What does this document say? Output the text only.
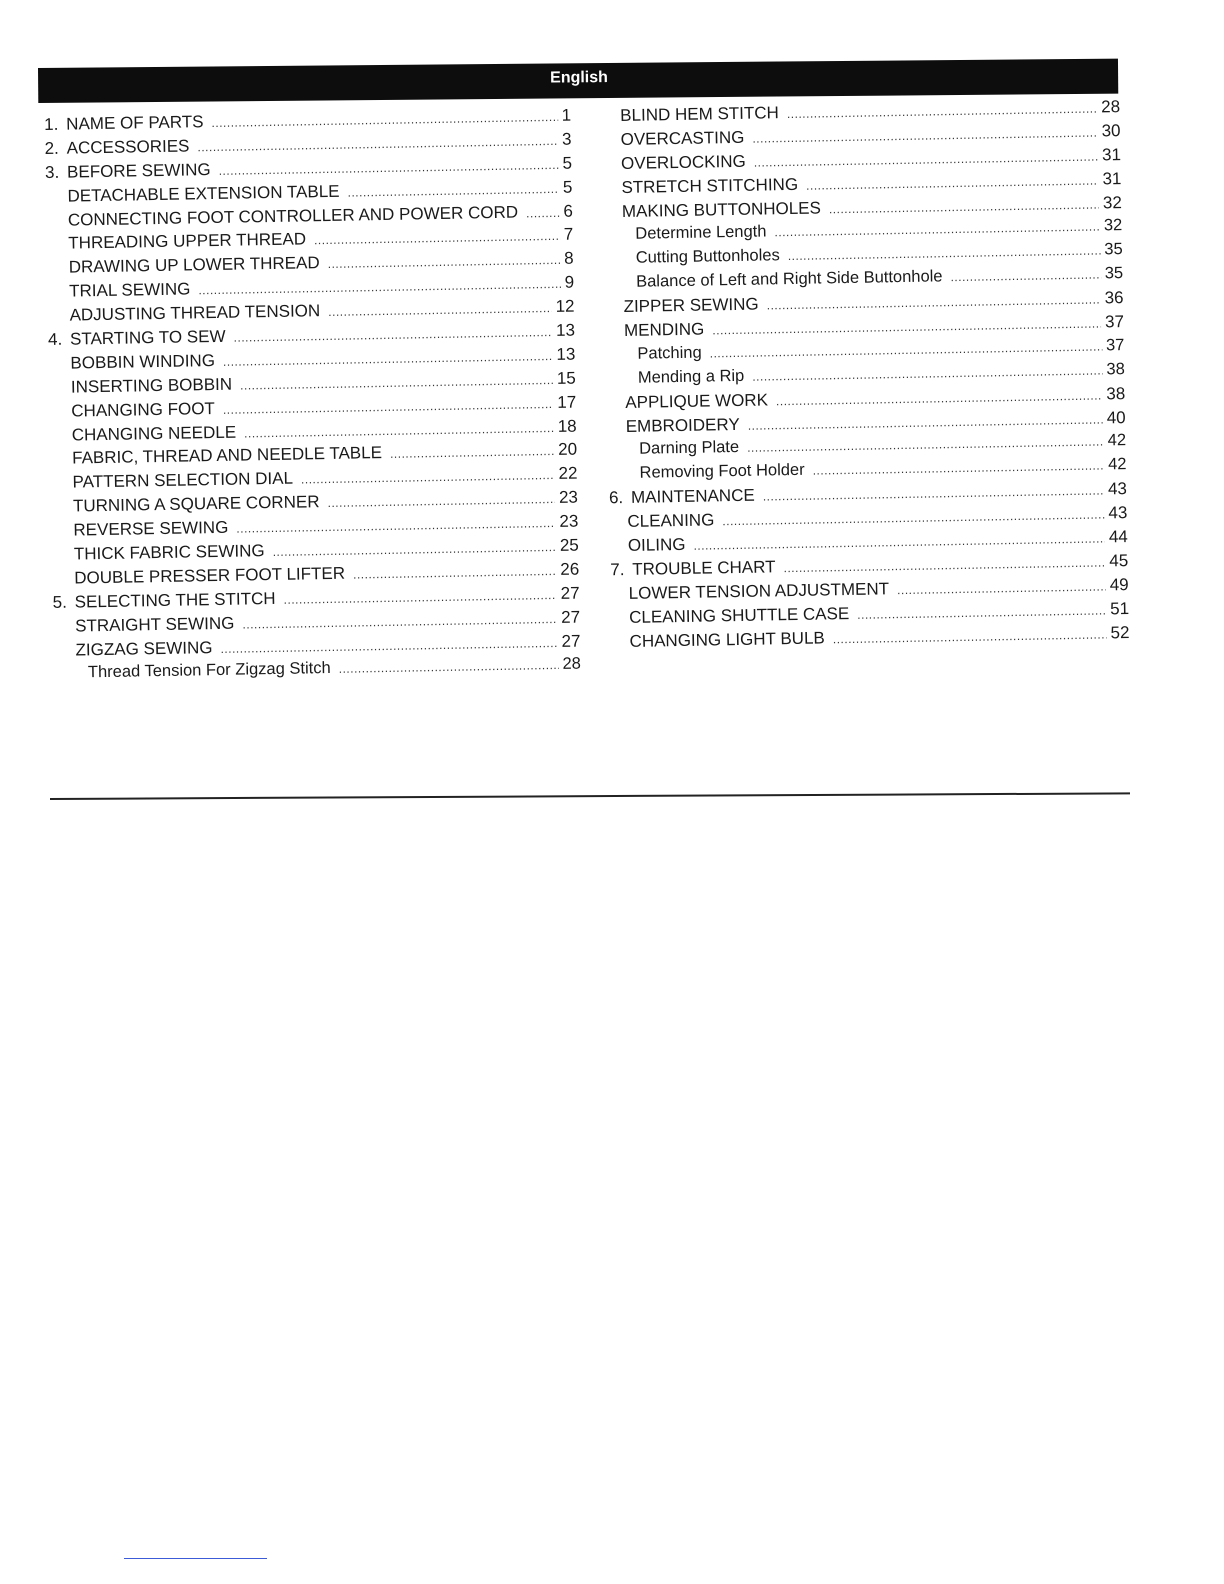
English
1. NAME OF PARTS .....	1
2. ACCESSORIES .....	3
3. BEFORE SEWING .....	5
DETACHABLE EXTENSION TABLE .....	5
CONNECTING FOOT CONTROLLER AND POWER CORD .....	6
THREADING UPPER THREAD .....	7
DRAWING UP LOWER THREAD .....	8
TRIAL SEWING .....	9
ADJUSTING THREAD TENSION .....	12
4. STARTING TO SEW .....	13
BOBBIN WINDING .....	13
INSERTING BOBBIN .....	15
CHANGING FOOT .....	17
CHANGING NEEDLE .....	18
FABRIC, THREAD AND NEEDLE TABLE .....	20
PATTERN SELECTION DIAL .....	22
TURNING A SQUARE CORNER .....	23
REVERSE SEWING .....	23
THICK FABRIC SEWING .....	25
DOUBLE PRESSER FOOT LIFTER .....	26
5. SELECTING THE STITCH .....	27
STRAIGHT SEWING .....	27
ZIGZAG SEWING .....	27
Thread Tension For Zigzag Stitch .....	28
BLIND HEM STITCH .....	28
OVERCASTING .....	30
OVERLOCKING .....	31
STRETCH STITCHING .....	31
MAKING BUTTONHOLES .....	32
Determine Length .....	32
Cutting Buttonholes .....	35
Balance of Left and Right Side Buttonhole .....	35
ZIPPER SEWING .....	36
MENDING .....	37
Patching .....	37
Mending a Rip .....	38
APPLIQUE WORK .....	38
EMBROIDERY .....	40
Darning Plate .....	42
Removing Foot Holder .....	42
6. MAINTENANCE .....	43
CLEANING .....	43
OILING .....	44
7. TROUBLE CHART .....	45
LOWER TENSION ADJUSTMENT .....	49
CLEANING SHUTTLE CASE .....	51
CHANGING LIGHT BULB .....	52
